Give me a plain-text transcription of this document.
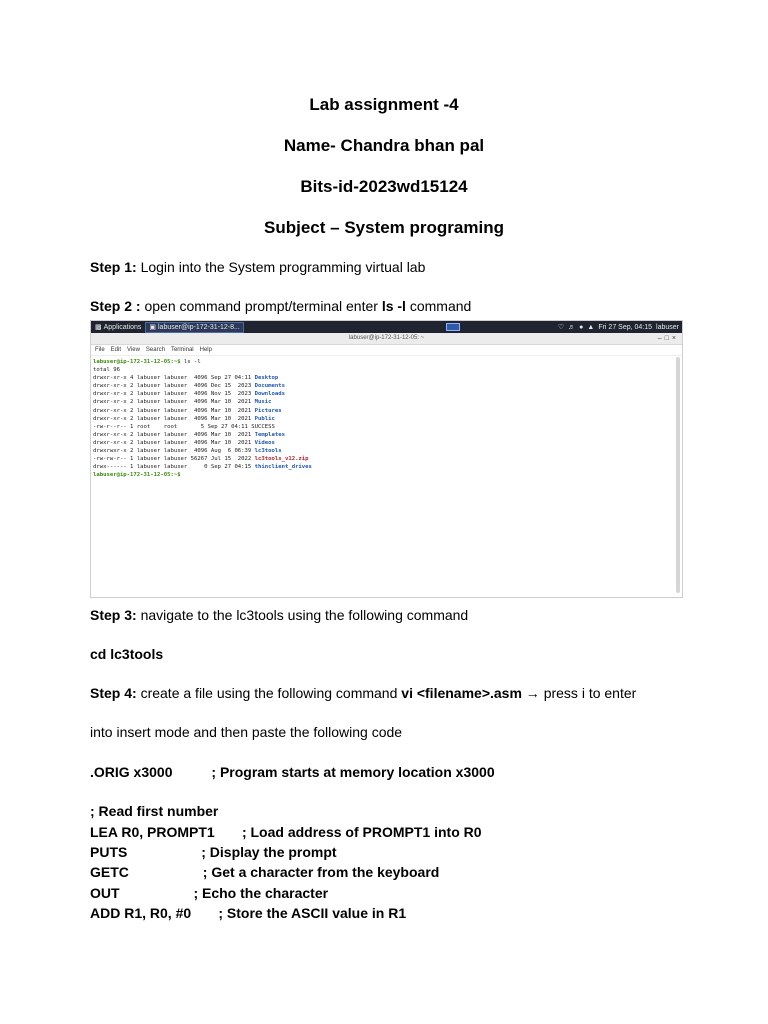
Lab assignment -4
Name- Chandra bhan pal
Bits-id-2023wd15124
Subject – System programing
Step 1: Login into the System programming virtual lab
Step 2 : open command prompt/terminal enter ls -l command
▩ Applications ▣ labuser@ip-172-31-12-8...	♡ ♬ ● ▲ Fri 27 Sep, 04:15 labuser
labuser@ip-172-31-12-05: ~	–□×
File Edit View Search Terminal Help
labuser@ip-172-31-12-05:~$ ls -l
total 96
drwxr-xr-x 4 labuser labuser  4096 Sep 27 04:11 Desktop
drwxr-xr-x 2 labuser labuser  4096 Dec 15  2023 Documents
drwxr-xr-x 2 labuser labuser  4096 Nov 15  2023 Downloads
drwxr-xr-x 2 labuser labuser  4096 Mar 10  2021 Music
drwxr-xr-x 2 labuser labuser  4096 Mar 10  2021 Pictures
drwxr-xr-x 2 labuser labuser  4096 Mar 10  2021 Public
-rw-r--r-- 1 root    root       5 Sep 27 04:11 SUCCESS
drwxr-xr-x 2 labuser labuser  4096 Mar 10  2021 Templates
drwxr-xr-x 2 labuser labuser  4096 Mar 10  2021 Videos
drwxrwxr-x 2 labuser labuser  4096 Aug  6 06:39 lc3tools
-rw-rw-r-- 1 labuser labuser 56267 Jul 15  2022 lc3tools_v12.zip
drwx------ 1 labuser labuser     0 Sep 27 04:15 thinclient_drives
labuser@ip-172-31-12-05:~$
Step 3: navigate to the lc3tools using the following command
cd lc3tools
Step 4: create a file using the following command vi <filename>.asm → press i to enter
into insert mode and then paste the following code
.ORIG x3000          ; Program starts at memory location x3000
; Read first number
LEA R0, PROMPT1       ; Load address of PROMPT1 into R0
PUTS                   ; Display the prompt
GETC                   ; Get a character from the keyboard
OUT                   ; Echo the character
ADD R1, R0, #0       ; Store the ASCII value in R1
